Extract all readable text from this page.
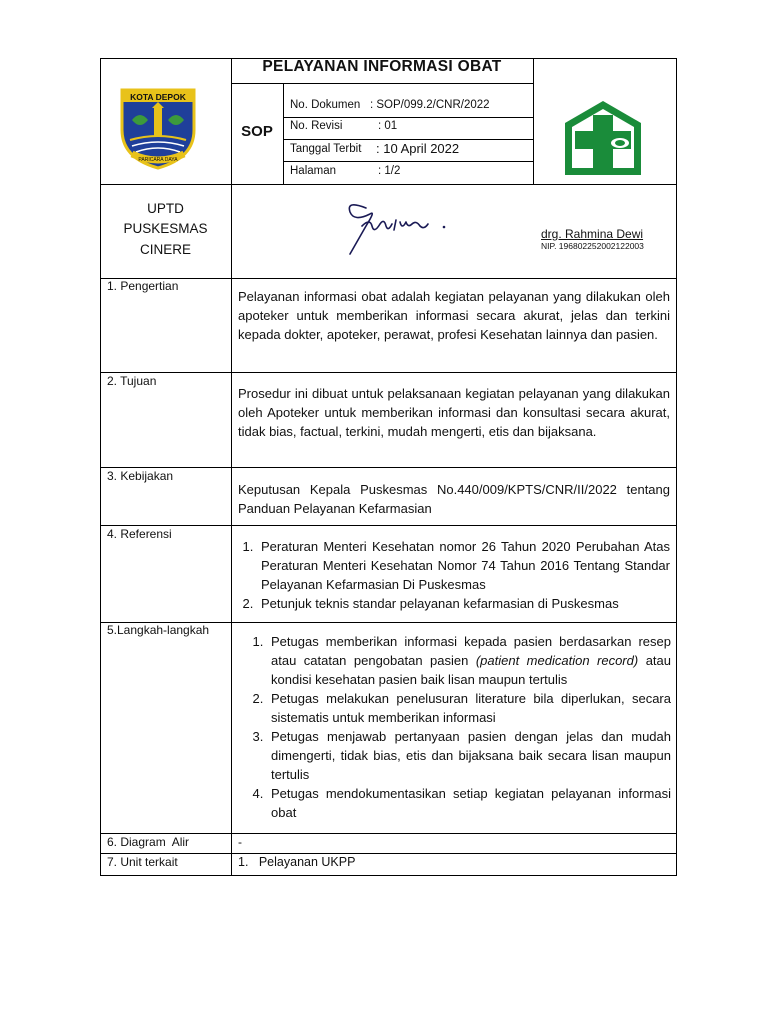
KOTA DEPOK
PARICARA DAYA
PELAYANAN INFORMASI OBAT
SOP
No. Dokumen : SOP/099.2/CNR/2022
No. Revisi	: 01
Tanggal Terbit : 10 April 2022
Halaman	: 1/2
UPTD
PUSKESMAS
CINERE
drg. Rahmina Dewi
NIP. 196802252002122003
1. Pengertian
Pelayanan informasi obat adalah kegiatan pelayanan yang dilakukan oleh apoteker untuk memberikan informasi secara akurat, jelas dan terkini kepada dokter, apoteker, perawat, profesi Kesehatan lainnya dan pasien.
2. Tujuan
Prosedur ini dibuat untuk pelaksanaan kegiatan pelayanan yang dilakukan oleh Apoteker untuk memberikan informasi dan konsultasi secara akurat, tidak bias, factual, terkini, mudah mengerti, etis dan bijaksana.
3. Kebijakan
Keputusan Kepala Puskesmas No.440/009/KPTS/CNR/II/2022 tentang Panduan Pelayanan Kefarmasian
4. Referensi
1. Peraturan Menteri Kesehatan nomor 26 Tahun 2020 Perubahan Atas Peraturan Menteri Kesehatan Nomor 74 Tahun 2016 Tentang Standar Pelayanan Kefarmasian Di Puskesmas
2. Petunjuk teknis standar pelayanan kefarmasian di Puskesmas
5.Langkah-langkah
1. Petugas memberikan informasi kepada pasien berdasarkan resep atau catatan pengobatan pasien (patient medication record) atau kondisi kesehatan pasien baik lisan maupun tertulis
2. Petugas melakukan penelusuran literature bila diperlukan, secara sistematis untuk memberikan informasi
3. Petugas menjawab pertanyaan pasien dengan jelas dan mudah dimengerti, tidak bias, etis dan bijaksana baik secara lisan maupun tertulis
4. Petugas mendokumentasikan setiap kegiatan pelayanan informasi obat
6. Diagram  Alir	-
7. Unit terkait	1.   Pelayanan UKPP
